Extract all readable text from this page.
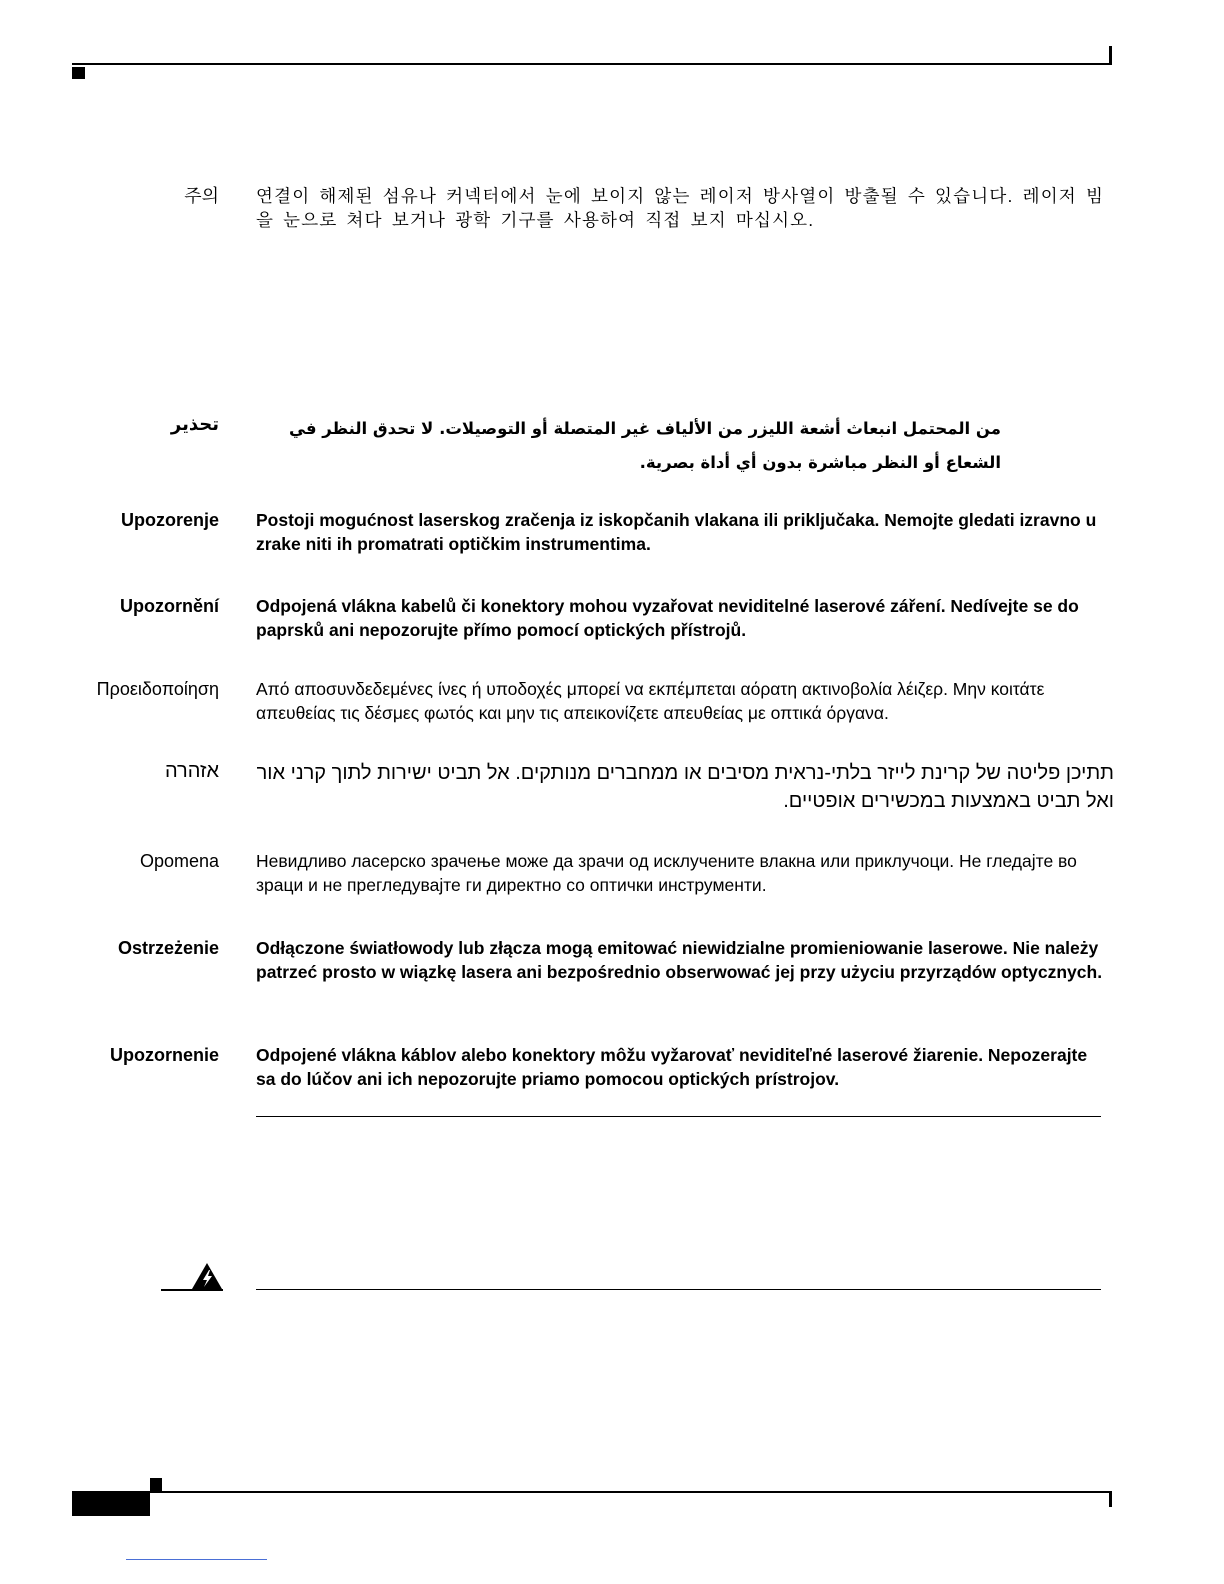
주의 연결이 해제된 섬유나 커넥터에서 눈에 보이지 않는 레이저 방사열이 방출될 수 있습니다. 레이저 빔을 눈으로 쳐다 보거나 광학 기구를 사용하여 직접 보지 마십시오.
تحذير	من المحتمل انبعاث أشعة الليزر من الألياف غير المتصلة أو التوصيلات. لا تحدق النظر في الشعاع أو النظر مباشرة بدون أي أداة بصرية.
Upozorenje Postoji mogućnost laserskog zračenja iz iskopčanih vlakana ili priključaka. Nemojte gledati izravno u zrake niti ih promatrati optičkim instrumentima.
Upozornění Odpojená vlákna kabelů či konektory mohou vyzařovat neviditelné laserové záření. Nedívejte se do paprsků ani nepozorujte přímo pomocí optických přístrojů.
Προειδοποίηση Από αποσυνδεδεμένες ίνες ή υποδοχές μπορεί να εκπέμπεται αόρατη ακτινοβολία λέιζερ. Μην κοιτάτε απευθείας τις δέσμες φωτός και μην τις απεικονίζετε απευθείας με οπτικά όργανα.
אזהרה תתיכן פליטה של קרינת לייזר בלתי-נראית מסיבים או ממחברים מנותקים. אל תביט ישירות לתוך קרני אור ואל תביט באמצעות במכשירים אופטיים.
Opomena Невидливо ласерско зрачење може да зрачи од исклучените влакна или приклучоци. Не гледајте во зраци и не прегледувајте ги директно со оптички инструменти.
Ostrzeżenie Odłączone światłowody lub złącza mogą emitować niewidzialne promieniowanie laserowe. Nie należy patrzeć prosto w wiązkę lasera ani bezpośrednio obserwować jej przy użyciu przyrządów optycznych.
Upozornenie Odpojené vlákna káblov alebo konektory môžu vyžarovať neviditeľné laserové žiarenie. Nepozerajte sa do lúčov ani ich nepozorujte priamo pomocou optických prístrojov.
